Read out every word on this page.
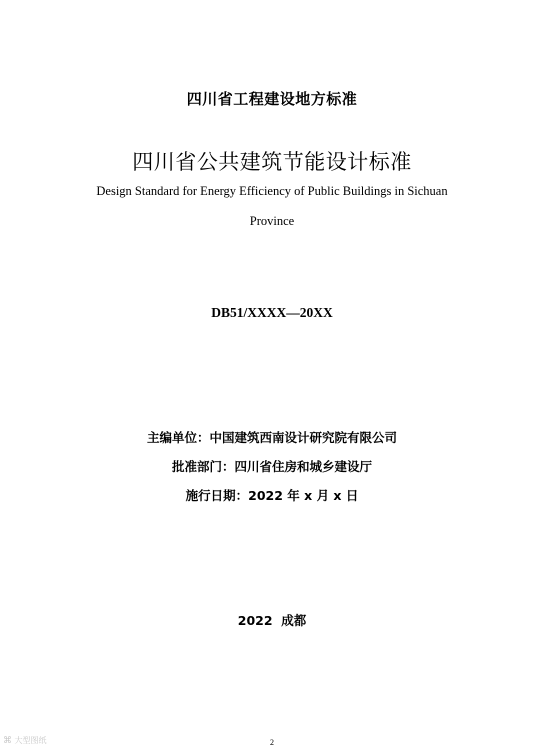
四川省工程建设地方标准
四川省公共建筑节能设计标准
Design Standard for Energy Efficiency of Public Buildings in Sichuan
Province
DB51/XXXX—20XX
主编单位：中国建筑西南设计研究院有限公司
批准部门：四川省住房和城乡建设厅
施行日期：2022 年 x 月 x 日
2022  成都
2
⌘ 大型图纸
